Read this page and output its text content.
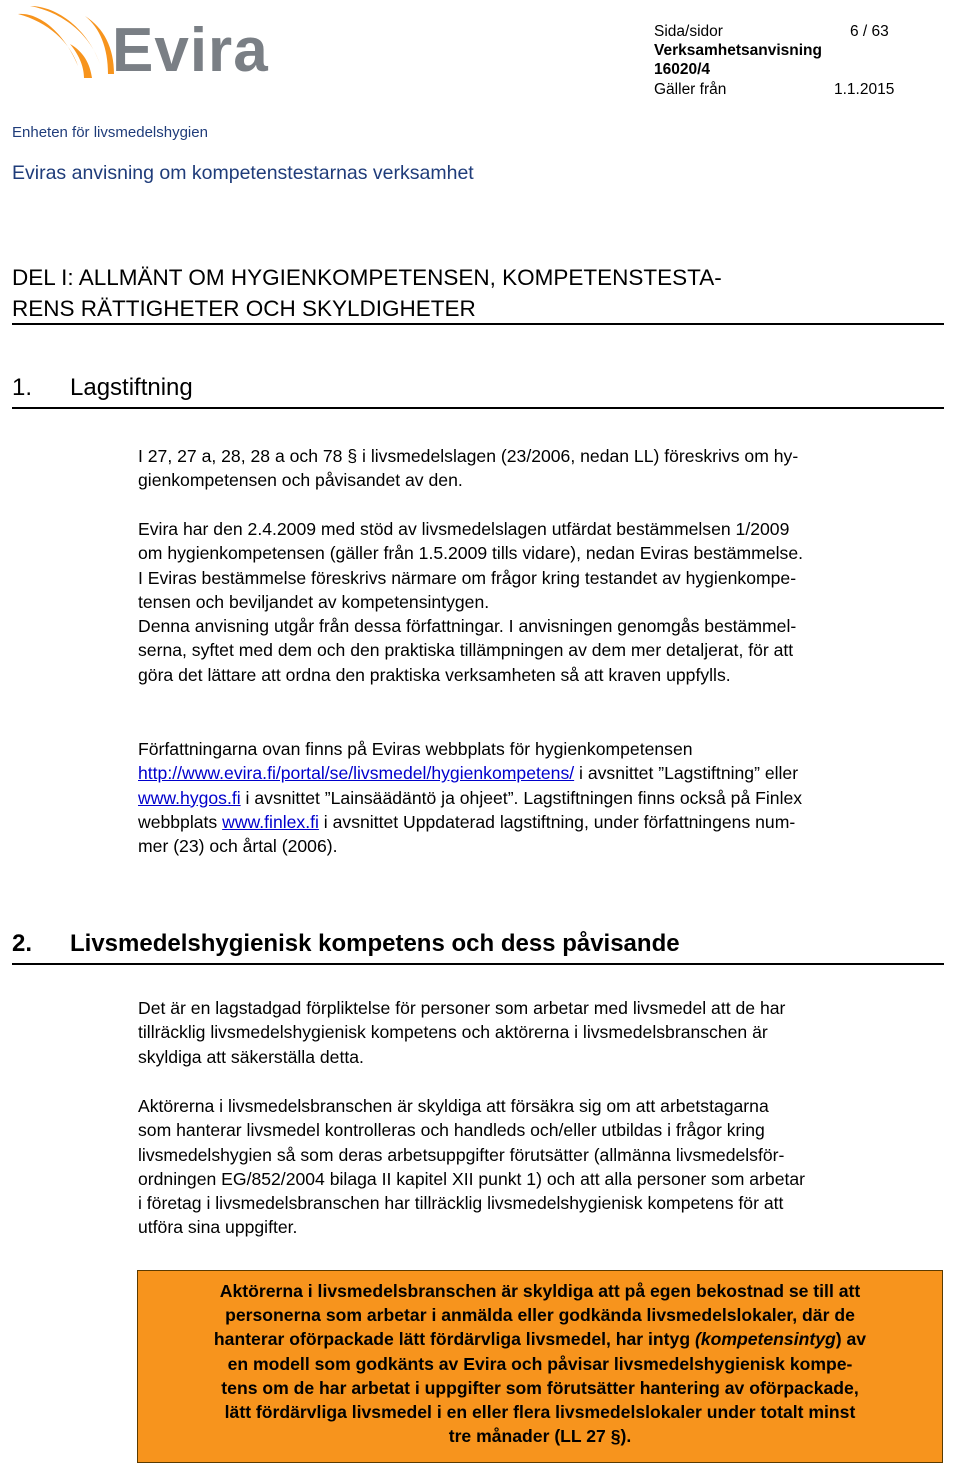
Evira	Sida/sidor	6 / 63
Verksamhetsanvisning
16020/4
Gäller från	1.1.2015
Enheten för livsmedelshygien
Eviras anvisning om kompetenstestarnas verksamhet
DEL I: ALLMÄNT OM HYGIENKOMPETENSEN, KOMPETENSTESTA-
RENS RÄTTIGHETER OCH SKYLDIGHETER
1. Lagstiftning

I 27, 27 a, 28, 28 a och 78 § i livsmedelslagen (23/2006, nedan LL) föreskrivs om hy-

gienkompetensen och påvisandet av den.

Evira har den 2.4.2009 med stöd av livsmedelslagen utfärdat bestämmelsen 1/2009

om hygienkompetensen (gäller från 1.5.2009 tills vidare), nedan Eviras bestämmelse.

I Eviras bestämmelse föreskrivs närmare om frågor kring testandet av hygienkompe-

tensen och beviljandet av kompetensintygen.

Denna anvisning utgår från dessa författningar. I anvisningen genomgås bestämmel-

serna, syftet med dem och den praktiska tillämpningen av dem mer detaljerat, för att

göra det lättare att ordna den praktiska verksamheten så att kraven uppfylls.

Författningarna ovan finns på Eviras webbplats för hygienkompetensen

http://www.evira.fi/portal/se/livsmedel/hygienkompetens/ i avsnittet ”Lagstiftning” eller

www.hygos.fi i avsnittet ”Lainsäädäntö ja ohjeet”. Lagstiftningen finns också på Finlex

webbplats www.finlex.fi i avsnittet Uppdaterad lagstiftning, under författningens num-

mer (23) och årtal (2006).

2. Livsmedelshygienisk kompetens och dess påvisande

Det är en lagstadgad förpliktelse för personer som arbetar med livsmedel att de har

tillräcklig livsmedelshygienisk kompetens och aktörerna i livsmedelsbranschen är

skyldiga att säkerställa detta.

Aktörerna i livsmedelsbranschen är skyldiga att försäkra sig om att arbetstagarna

som hanterar livsmedel kontrolleras och handleds och/eller utbildas i frågor kring

livsmedelshygien så som deras arbetsuppgifter förutsätter (allmänna livsmedelsför-

ordningen EG/852/2004 bilaga II kapitel XII punkt 1) och att alla personer som arbetar

i företag i livsmedelsbranschen har tillräcklig livsmedelshygienisk kompetens för att

utföra sina uppgifter.

Aktörerna i livsmedelsbranschen är skyldiga att på egen bekostnad se till att
personerna som arbetar i anmälda eller godkända livsmedelslokaler, där de
hanterar oförpackade lätt fördärvliga livsmedel, har intyg (kompetensintyg) av
en modell som godkänts av Evira och påvisar livsmedelshygienisk kompe-
tens om de har arbetat i uppgifter som förutsätter hantering av oförpackade,
lätt fördärvliga livsmedel i en eller flera livsmedelslokaler under totalt minst
tre månader (LL 27 §).
